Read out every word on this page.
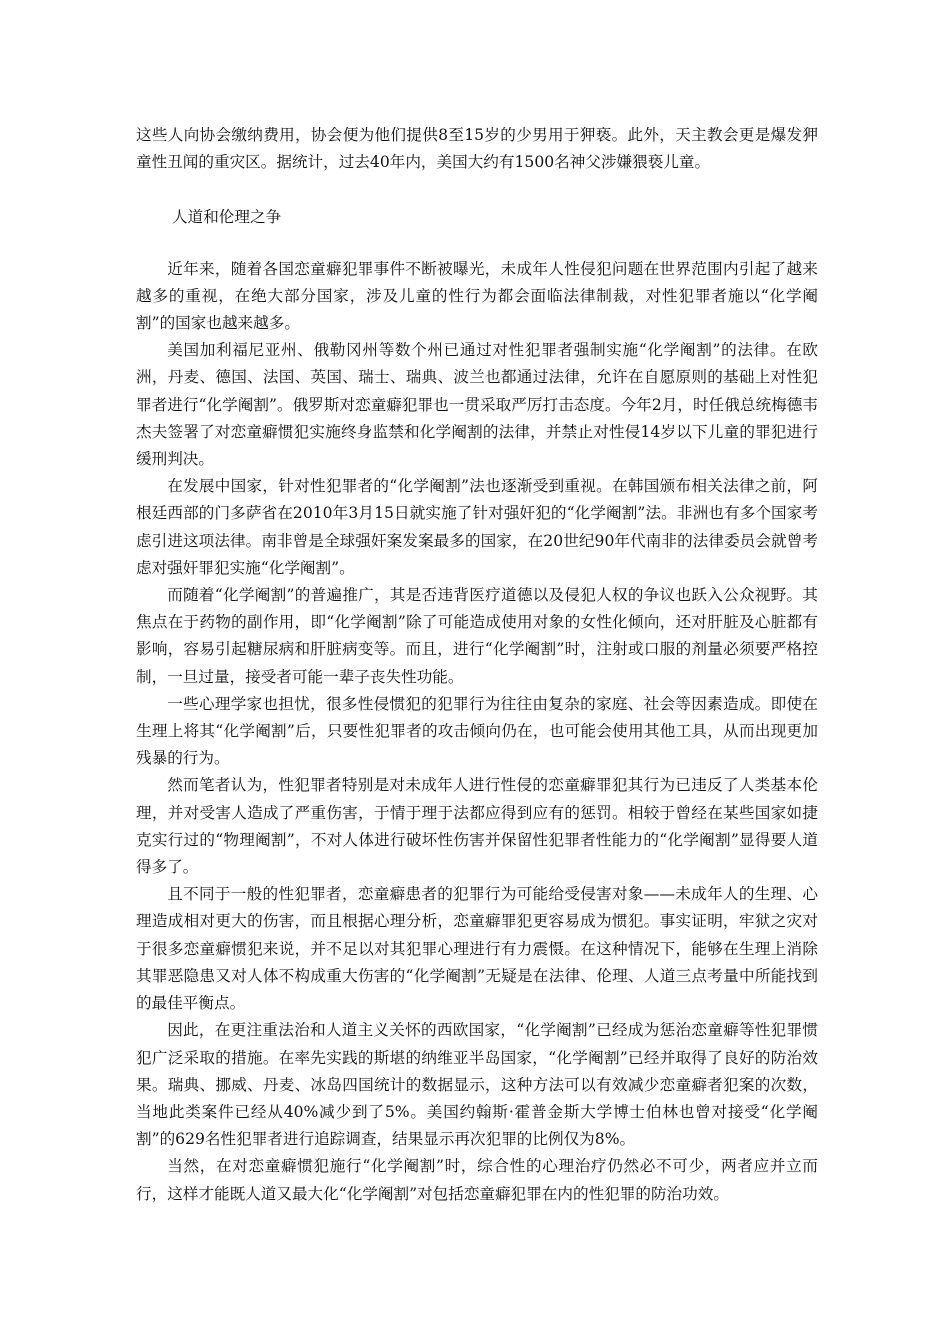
这些人向协会缴纳费用，协会便为他们提供8至15岁的少男用于狎亵。此外，天主教会更是爆发狎童性丑闻的重灾区。据统计，过去40年内，美国大约有1500名神父涉嫌猥亵儿童。

人道和伦理之争

近年来，随着各国恋童癖犯罪事件不断被曝光，未成年人性侵犯问题在世界范围内引起了越来越多的重视，在绝大部分国家，涉及儿童的性行为都会面临法律制裁，对性犯罪者施以“化学阉割”的国家也越来越多。

美国加利福尼亚州、俄勒冈州等数个州已通过对性犯罪者强制实施“化学阉割”的法律。在欧洲，丹麦、德国、法国、英国、瑞士、瑞典、波兰也都通过法律，允许在自愿原则的基础上对性犯罪者进行“化学阉割”。俄罗斯对恋童癖犯罪也一贯采取严厉打击态度。今年2月，时任俄总统梅德韦杰夫签署了对恋童癖惯犯实施终身监禁和化学阉割的法律，并禁止对性侵14岁以下儿童的罪犯进行缓刑判决。

在发展中国家，针对性犯罪者的“化学阉割”法也逐渐受到重视。在韩国颁布相关法律之前，阿根廷西部的门多萨省在2010年3月15日就实施了针对强奸犯的“化学阉割”法。非洲也有多个国家考虑引进这项法律。南非曾是全球强奸案发案最多的国家，在20世纪90年代南非的法律委员会就曾考虑对强奸罪犯实施“化学阉割”。

而随着“化学阉割”的普遍推广，其是否违背医疗道德以及侵犯人权的争议也跃入公众视野。其焦点在于药物的副作用，即“化学阉割”除了可能造成使用对象的女性化倾向，还对肝脏及心脏都有影响，容易引起糖尿病和肝脏病变等。而且，进行“化学阉割”时，注射或口服的剂量必须要严格控制，一旦过量，接受者可能一辈子丧失性功能。

一些心理学家也担忧，很多性侵惯犯的犯罪行为往往由复杂的家庭、社会等因素造成。即使在生理上将其“化学阉割”后，只要性犯罪者的攻击倾向仍在，也可能会使用其他工具，从而出现更加残暴的行为。

然而笔者认为，性犯罪者特别是对未成年人进行性侵的恋童癖罪犯其行为已违反了人类基本伦理，并对受害人造成了严重伤害，于情于理于法都应得到应有的惩罚。相较于曾经在某些国家如捷克实行过的“物理阉割”，不对人体进行破坏性伤害并保留性犯罪者性能力的“化学阉割”显得要人道得多了。

且不同于一般的性犯罪者，恋童癖患者的犯罪行为可能给受侵害对象——未成年人的生理、心理造成相对更大的伤害，而且根据心理分析，恋童癖罪犯更容易成为惯犯。事实证明，牢狱之灾对于很多恋童癖惯犯来说，并不足以对其犯罪心理进行有力震慑。在这种情况下，能够在生理上消除其罪恶隐患又对人体不构成重大伤害的“化学阉割”无疑是在法律、伦理、人道三点考量中所能找到的最佳平衡点。

因此，在更注重法治和人道主义关怀的西欧国家，“化学阉割”已经成为惩治恋童癖等性犯罪惯犯广泛采取的措施。在率先实践的斯堪的纳维亚半岛国家，“化学阉割”已经并取得了良好的防治效果。瑞典、挪威、丹麦、冰岛四国统计的数据显示，这种方法可以有效减少恋童癖者犯案的次数，当地此类案件已经从40%减少到了5%。美国约翰斯·霍普金斯大学博士伯林也曾对接受“化学阉割”的629名性犯罪者进行追踪调查，结果显示再次犯罪的比例仅为8%。

当然，在对恋童癖惯犯施行“化学阉割”时，综合性的心理治疗仍然必不可少，两者应并立而行，这样才能既人道又最大化“化学阉割”对包括恋童癖犯罪在内的性犯罪的防治功效。
